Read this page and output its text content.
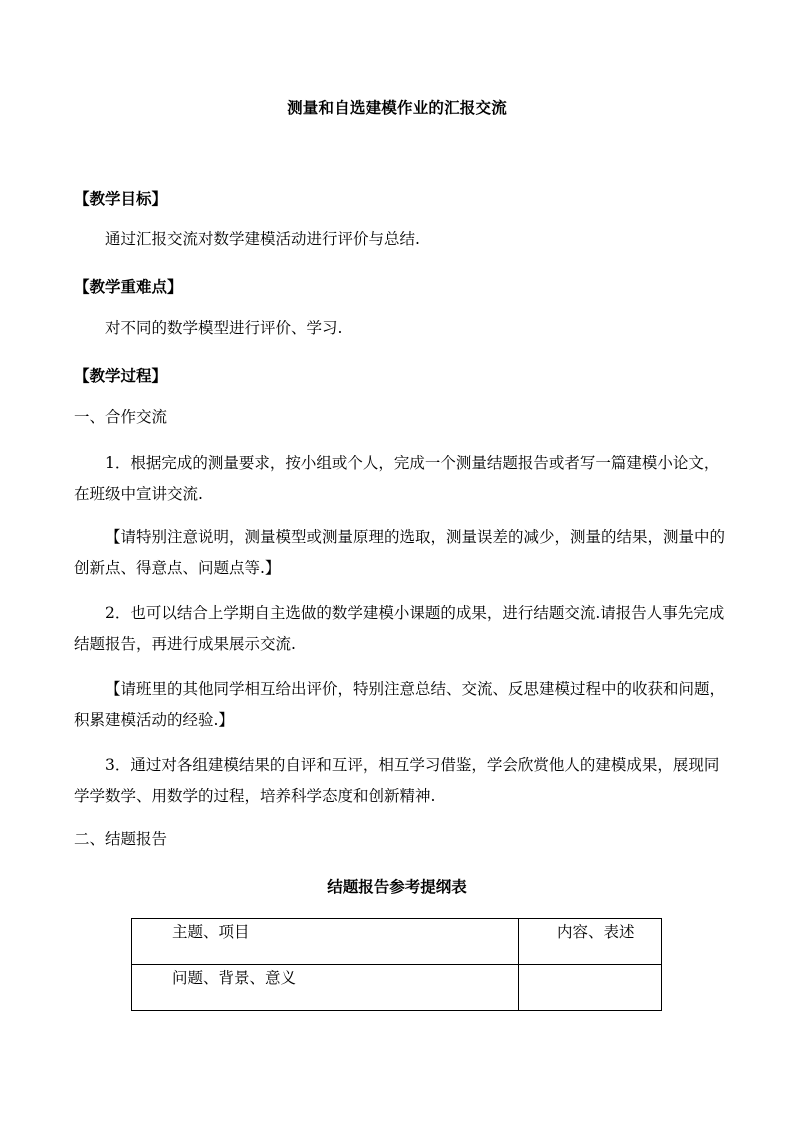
测量和自选建模作业的汇报交流
【教学目标】
通过汇报交流对数学建模活动进行评价与总结.
【教学重难点】
对不同的数学模型进行评价、学习.
【教学过程】
一、合作交流
1．根据完成的测量要求，按小组或个人，完成一个测量结题报告或者写一篇建模小论文，在班级中宣讲交流.
【请特别注意说明，测量模型或测量原理的选取，测量误差的减少，测量的结果，测量中的创新点、得意点、问题点等.】
2．也可以结合上学期自主选做的数学建模小课题的成果，进行结题交流.请报告人事先完成结题报告，再进行成果展示交流.
【请班里的其他同学相互给出评价，特别注意总结、交流、反思建模过程中的收获和问题，积累建模活动的经验.】
3．通过对各组建模结果的自评和互评，相互学习借鉴，学会欣赏他人的建模成果，展现同学学数学、用数学的过程，培养科学态度和创新精神.
二、结题报告
结题报告参考提纲表
主题、项目	内容、表述
问题、背景、意义	
